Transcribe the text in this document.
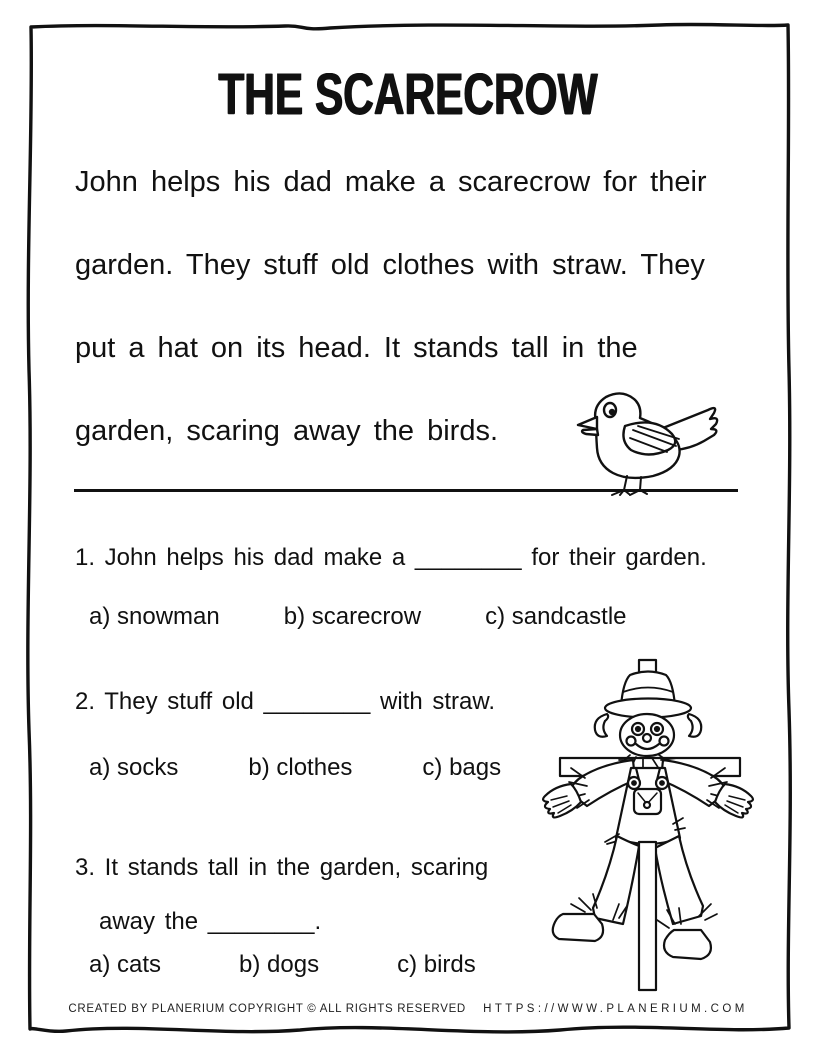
THE SCARECROW
John helps his dad make a scarecrow for their
garden. They stuff old clothes with straw. They
put a hat on its head. It stands tall in the
garden, scaring away the birds.
1. John helps his dad make a ________ for their garden.
a) snowman	b) scarecrow	c) sandcastle
2. They stuff old ________ with straw.
a) socks	b) clothes	c) bags
3. It stands tall in the garden, scaring
away the ________.
a) cats	b) dogs	c) birds
CREATED BY PLANERIUM COPYRIGHT © ALL RIGHTS RESERVED HTTPS://WWW.PLANERIUM.COM
